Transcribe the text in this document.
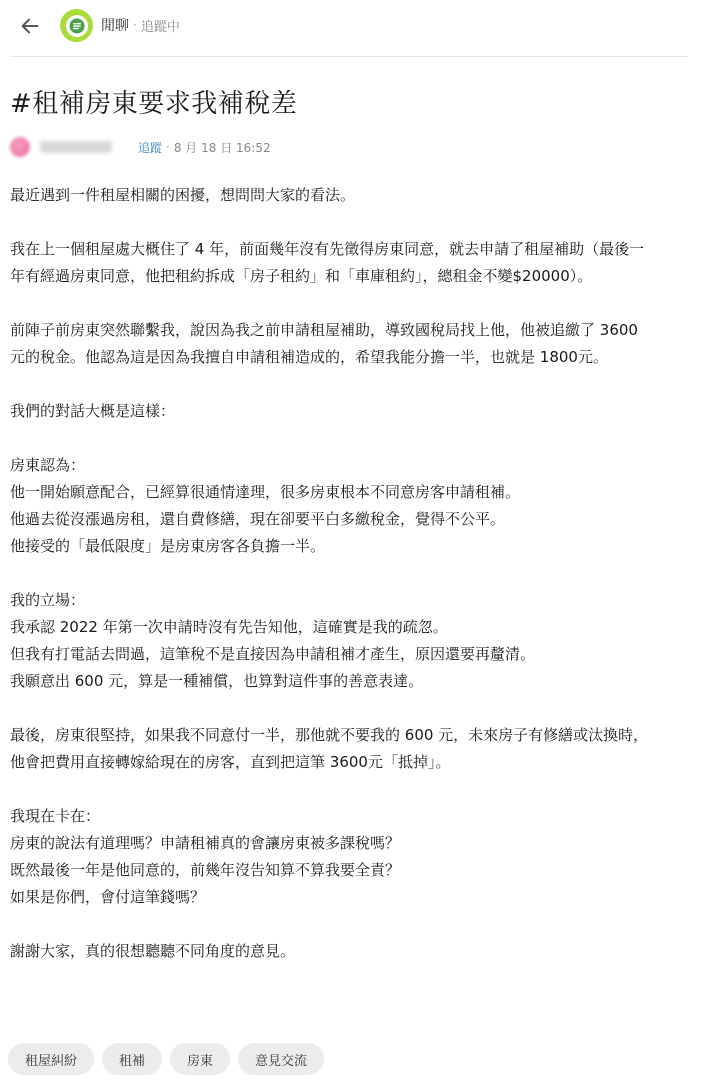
閒聊 · 追蹤中
#租補房東要求我補稅差
追蹤 · 8 月 18 日 16:52

最近遇到一件租屋相關的困擾，想問問大家的看法。

我在上一個租屋處大概住了 4 年，前面幾年沒有先徵得房東同意，就去申請了租屋補助（最後一
年有經過房東同意，他把租約拆成「房子租約」和「車庫租約」，總租金不變$20000）。

前陣子前房東突然聯繫我，說因為我之前申請租屋補助，導致國稅局找上他，他被追繳了 3600
元的稅金。他認為這是因為我擅自申請租補造成的，希望我能分擔一半，也就是 1800元。

我們的對話大概是這樣：

房東認為：
他一開始願意配合，已經算很通情達理，很多房東根本不同意房客申請租補。
他過去從沒漲過房租，還自費修繕，現在卻要平白多繳稅金，覺得不公平。
他接受的「最低限度」是房東房客各負擔一半。

我的立場：
我承認 2022 年第一次申請時沒有先告知他，這確實是我的疏忽。
但我有打電話去問過，這筆稅不是直接因為申請租補才產生，原因還要再釐清。
我願意出 600 元，算是一種補償，也算對這件事的善意表達。

最後，房東很堅持，如果我不同意付一半，那他就不要我的 600 元，未來房子有修繕或汰換時，
他會把費用直接轉嫁給現在的房客，直到把這筆 3600元「抵掉」。

我現在卡在：
房東的說法有道理嗎？申請租補真的會讓房東被多課稅嗎？
既然最後一年是他同意的，前幾年沒告知算不算我要全責？
如果是你們，會付這筆錢嗎？

謝謝大家，真的很想聽聽不同角度的意見。

租屋糾紛	租補	房東	意見交流
